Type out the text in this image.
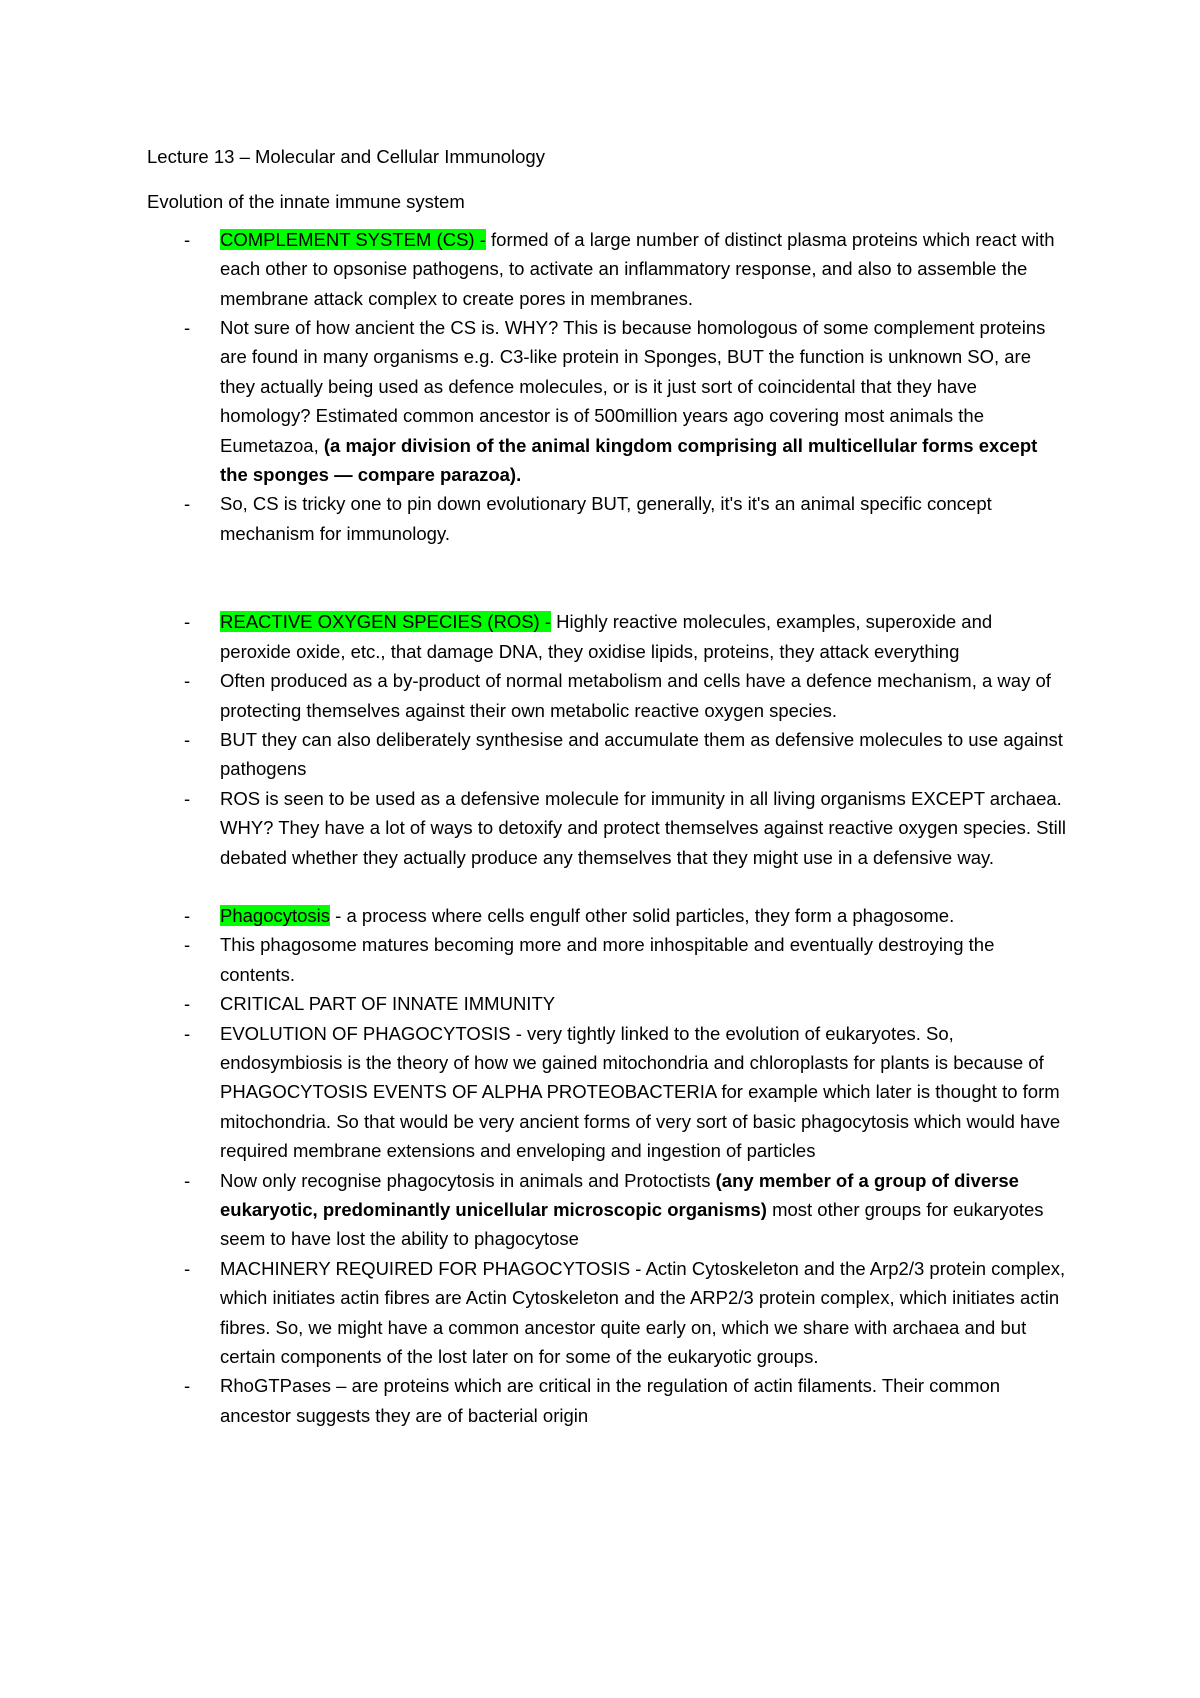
Lecture 13 – Molecular and Cellular Immunology

Evolution of the innate immune system

- COMPLEMENT SYSTEM (CS) - formed of a large number of distinct plasma proteins which react with each other to opsonise pathogens, to activate an inflammatory response, and also to assemble the membrane attack complex to create pores in membranes.
- Not sure of how ancient the CS is. WHY? This is because homologous of some complement proteins are found in many organisms e.g. C3-like protein in Sponges, BUT the function is unknown SO, are they actually being used as defence molecules, or is it just sort of coincidental that they have homology? Estimated common ancestor is of 500million years ago covering most animals the Eumetazoa, (a major division of the animal kingdom comprising all multicellular forms except the sponges — compare parazoa).
- So, CS is tricky one to pin down evolutionary BUT, generally, it's it's an animal specific concept mechanism for immunology.
- REACTIVE OXYGEN SPECIES (ROS) - Highly reactive molecules, examples, superoxide and peroxide oxide, etc., that damage DNA, they oxidise lipids, proteins, they attack everything
- Often produced as a by-product of normal metabolism and cells have a defence mechanism, a way of protecting themselves against their own metabolic reactive oxygen species.
- BUT they can also deliberately synthesise and accumulate them as defensive molecules to use against pathogens
- ROS is seen to be used as a defensive molecule for immunity in all living organisms EXCEPT archaea. WHY? They have a lot of ways to detoxify and protect themselves against reactive oxygen species. Still debated whether they actually produce any themselves that they might use in a defensive way.
- Phagocytosis - a process where cells engulf other solid particles, they form a phagosome.
- This phagosome matures becoming more and more inhospitable and eventually destroying the contents.
- CRITICAL PART OF INNATE IMMUNITY
- EVOLUTION OF PHAGOCYTOSIS - very tightly linked to the evolution of eukaryotes. So, endosymbiosis is the theory of how we gained mitochondria and chloroplasts for plants is because of PHAGOCYTOSIS EVENTS OF ALPHA PROTEOBACTERIA for example which later is thought to form mitochondria. So that would be very ancient forms of very sort of basic phagocytosis which would have required membrane extensions and enveloping and ingestion of particles
- Now only recognise phagocytosis in animals and Protoctists (any member of a group of diverse eukaryotic, predominantly unicellular microscopic organisms) most other groups for eukaryotes seem to have lost the ability to phagocytose
- MACHINERY REQUIRED FOR PHAGOCYTOSIS - Actin Cytoskeleton and the Arp2/3 protein complex, which initiates actin fibres are Actin Cytoskeleton and the ARP2/3 protein complex, which initiates actin fibres. So, we might have a common ancestor quite early on, which we share with archaea and but certain components of the lost later on for some of the eukaryotic groups.
- RhoGTPases – are proteins which are critical in the regulation of actin filaments. Their common ancestor suggests they are of bacterial origin
